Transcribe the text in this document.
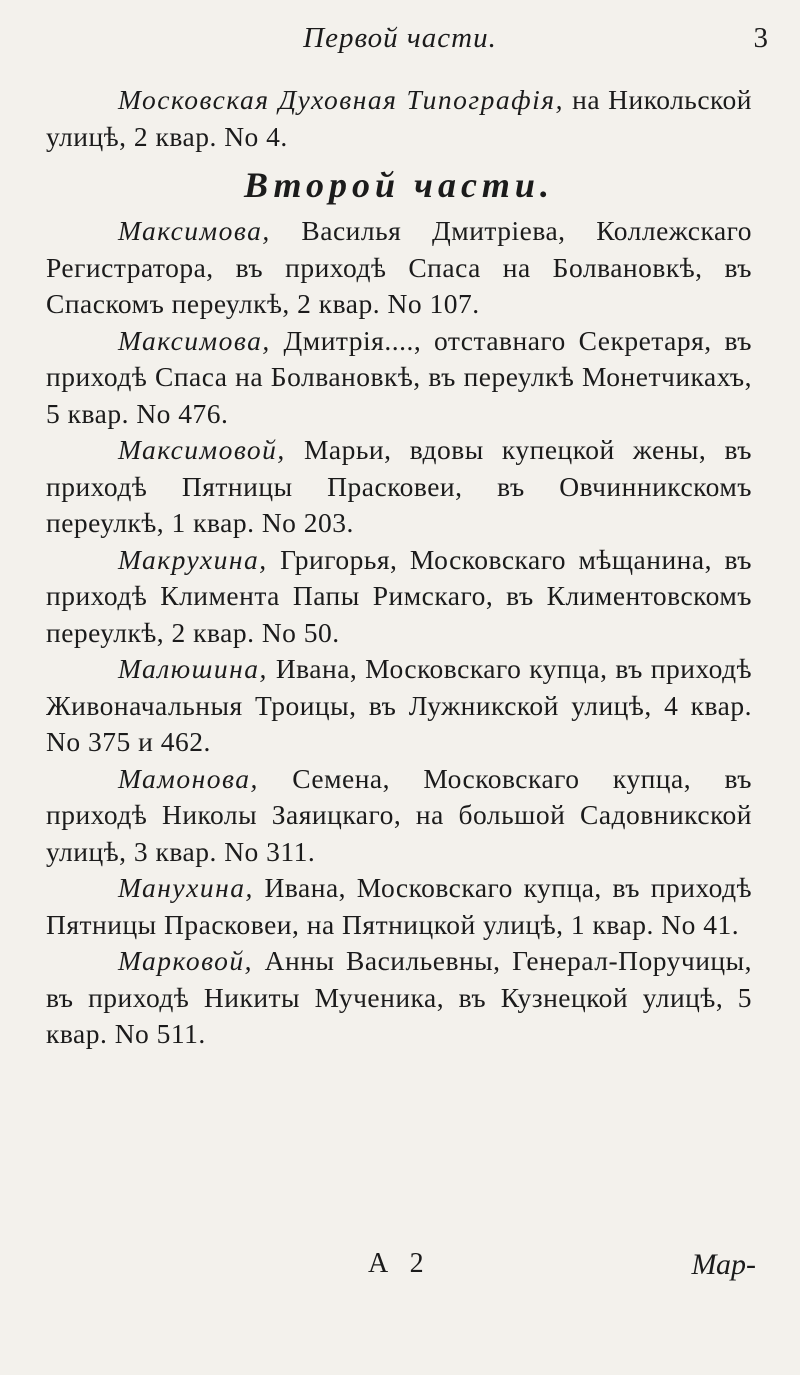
Первой части.	3

Московская Духовная Типографія, на Никольской улицѣ, 2 квар. No 4.

Второй части.

Максимова, Василья Дмитріева, Коллежскаго Регистратора, въ приходѣ Спаса на Болвановкѣ, въ Спаскомъ переулкѣ, 2 квар. No 107.

Максимова, Дмитрія...., отставнаго Секретаря, въ приходѣ Спаса на Болвановкѣ, въ переулкѣ Монетчикахъ, 5 квар. No 476.

Максимовой, Марьи, вдовы купецкой жены, въ приходѣ Пятницы Прасковеи, въ Овчинникскомъ переулкѣ, 1 квар. No 203.

Макрухина, Григорья, Московскаго мѣщанина, въ приходѣ Климента Папы Римскаго, въ Климентовскомъ переулкѣ, 2 квар. No 50.

Малюшина, Ивана, Московскаго купца, въ приходѣ Живоначальныя Троицы, въ Лужникской улицѣ, 4 квар. No 375 и 462.

Мамонова, Семена, Московскаго купца, въ приходѣ Николы Заяицкаго, на большой Садовникской улицѣ, 3 квар. No 311.

Мануxина, Ивана, Московскаго купца, въ приходѣ Пятницы Прасковеи, на Пятницкой улицѣ, 1 квар. No 41.

Марковой, Анны Васильевны, Генерал-Поручицы, въ приходѣ Никиты Мученика, въ Кузнецкой улицѣ, 5 квар. No 511.

A 2	Мар-
